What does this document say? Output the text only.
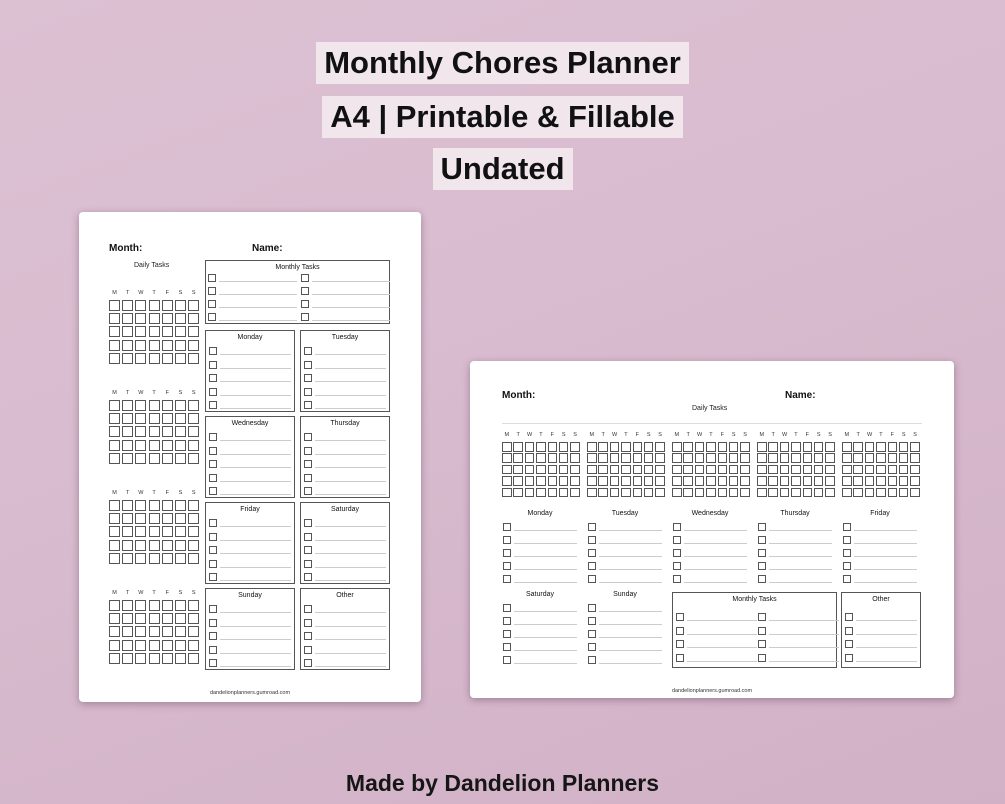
Monthly Chores Planner
A4 | Printable & Fillable
Undated
Month:	Name:
Daily Tasks
M	T	W	T	F	S	S
M	T	W	T	F	S	S
M	T	W	T	F	S	S
M	T	W	T	F	S	S
Monthly Tasks
Monday	Tuesday
Wednesday	Thursday
Friday	Saturday
Sunday	Other
dandelionplanners.gumroad.com
Month:	Name:
Daily Tasks
M	T	W	T	F	S	S	M	T	W	T	F	S	S	M	T	W	T	F	S	S	M	T	W	T	F	S	S	M	T	W	T	F	S	S
Monday	Tuesday	Wednesday	Thursday	Friday
Saturday	Sunday
Monthly Tasks	Other
dandelionplanners.gumroad.com
Made by Dandelion Planners
